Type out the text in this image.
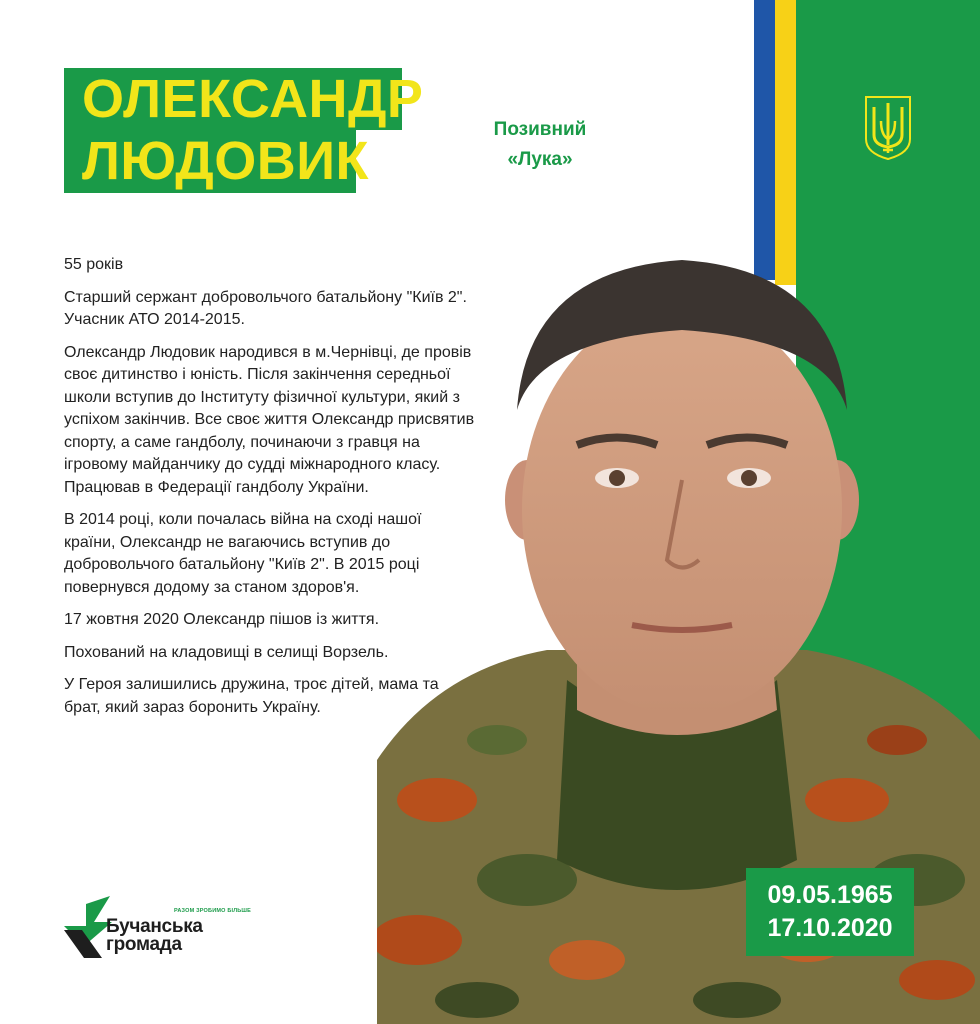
ОЛЕКСАНДР
ЛЮДОВИК
Позивний
«Лука»

55 років

Старший сержант добровольчого батальйону "Київ 2".
Учасник АТО 2014-2015.

Олександр Людовик народився в м.Чернівці, де провів своє дитинство і юність. Після закінчення середньої школи вступив до Інституту фізичної культури, який з успіхом закінчив. Все своє життя Олександр присвятив спорту, а саме гандболу, починаючи з гравця на ігровому майданчику до судді міжнародного класу. Працював в Федерації гандболу України.

В 2014 році, коли почалась війна на сході нашої країни, Олександр не вагаючись вступив до добровольчого батальйону "Київ 2". В 2015 році повернувся додому за станом здоров'я.

17 жовтня 2020 Олександр пішов із життя.

Похований на кладовищі в селищі Ворзель.

У Героя залишились дружина, троє дітей, мама та брат, який зараз боронить Україну.

09.05.1965
17.10.2020
РАЗОМ ЗРОБИМО БІЛЬШЕ
Бучанська
громада
